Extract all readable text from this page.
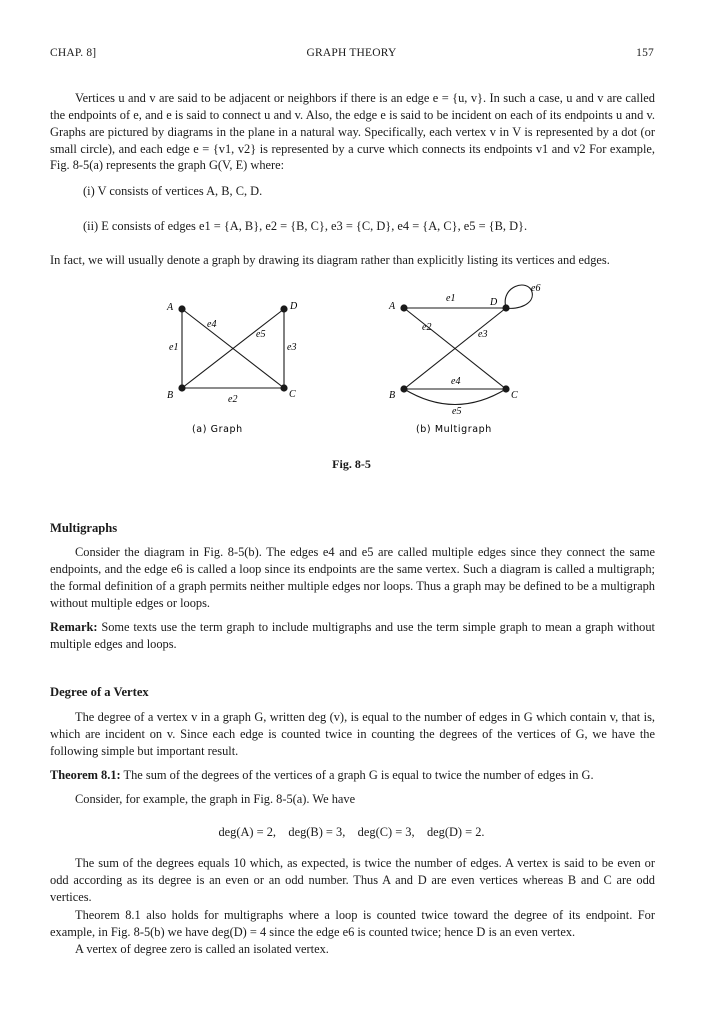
CHAP. 8]	GRAPH THEORY	157

Vertices u and v are said to be adjacent or neighbors if there is an edge e = {u, v}. In such a case, u and v are called the endpoints of e, and e is said to connect u and v. Also, the edge e is said to be incident on each of its endpoints u and v. Graphs are pictured by diagrams in the plane in a natural way. Specifically, each vertex v in V is represented by a dot (or small circle), and each edge e = {v1, v2} is represented by a curve which connects its endpoints v1 and v2 For example, Fig. 8-5(a) represents the graph G(V, E) where:

(i) V consists of vertices A, B, C, D.
(ii) E consists of edges e1 = {A, B}, e2 = {B, C}, e3 = {C, D}, e4 = {A, C}, e5 = {B, D}.
In fact, we will usually denote a graph by drawing its diagram rather than explicitly listing its vertices and edges.
A
B	C
D
e1
e2
e3
e4
e5
(a) Graph
A
B	C
D
e1
e2
e3
e4
e5
e6
(b) Multigraph
Fig. 8-5
Multigraphs

Consider the diagram in Fig. 8-5(b). The edges e4 and e5 are called multiple edges since they connect the same endpoints, and the edge e6 is called a loop since its endpoints are the same vertex. Such a diagram is called a multigraph; the formal definition of a graph permits neither multiple edges nor loops. Thus a graph may be defined to be a multigraph without multiple edges or loops.

Remark: Some texts use the term graph to include multigraphs and use the term simple graph to mean a graph without multiple edges and loops.

Degree of a Vertex

The degree of a vertex v in a graph G, written deg (v), is equal to the number of edges in G which contain v, that is, which are incident on v. Since each edge is counted twice in counting the degrees of the vertices of G, we have the following simple but important result.

Theorem 8.1: The sum of the degrees of the vertices of a graph G is equal to twice the number of edges in G.

Consider, for example, the graph in Fig. 8-5(a). We have

deg(A) = 2,    deg(B) = 3,    deg(C) = 3,    deg(D) = 2.

The sum of the degrees equals 10 which, as expected, is twice the number of edges. A vertex is said to be even or odd according as its degree is an even or an odd number. Thus A and D are even vertices whereas B and C are odd vertices.

Theorem 8.1 also holds for multigraphs where a loop is counted twice toward the degree of its endpoint. For example, in Fig. 8-5(b) we have deg(D) = 4 since the edge e6 is counted twice; hence D is an even vertex.

A vertex of degree zero is called an isolated vertex.
